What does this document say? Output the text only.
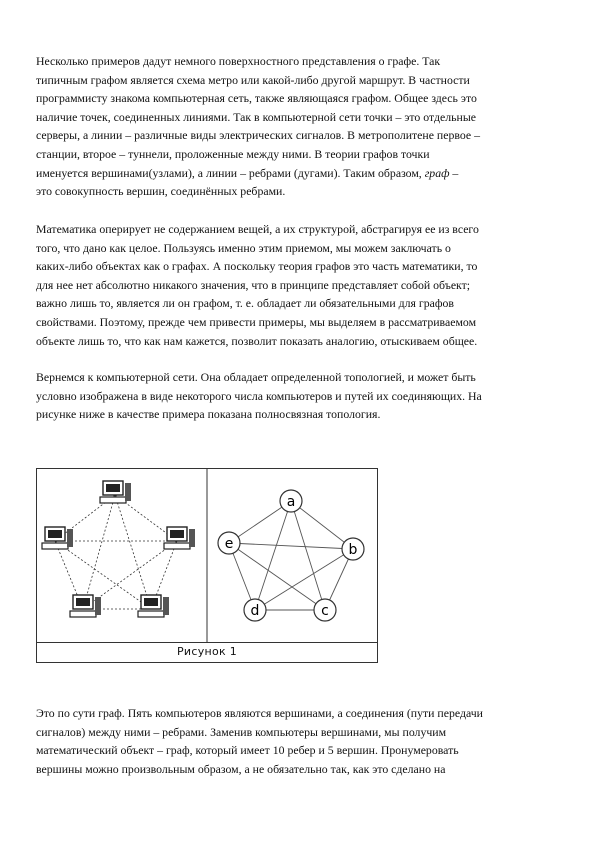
Несколько примеров дадут немного поверхностного представления о графе. Так
типичным графом является схема метро или какой-либо другой маршрут. В частности
программисту знакома компьютерная сеть, также являющаяся графом. Общее здесь это
наличие точек, соединенных линиями. Так в компьютерной сети точки – это отдельные
серверы, а линии – различные виды электрических сигналов. В метрополитене первое –
станции, второе – туннели, проложенные между ними. В теории графов точки
именуется вершинами(узлами), а линии – ребрами (дугами). Таким образом, граф –
это совокупность вершин, соединённых ребрами.
Математика оперирует не содержанием вещей, а их структурой, абстрагируя ее из всего
того, что дано как целое. Пользуясь именно этим приемом, мы можем заключать о
каких-либо объектах как о графах. А поскольку теория графов это часть математики, то
для нее нет абсолютно никакого значения, что в принципе представляет собой объект;
важно лишь то, является ли он графом, т. е. обладает ли обязательными для графов
свойствами. Поэтому, прежде чем привести примеры, мы выделяем в рассматриваемом
объекте лишь то, что как нам кажется, позволит показать аналогию, отыскиваем общее.
Вернемся к компьютерной сети. Она обладает определенной топологией, и может быть
условно изображена в виде некоторого числа компьютеров и путей их соединяющих. На
рисунке ниже в качестве примера показана полносвязная топология.
a
b
c
d
e
Рисунок 1
Это по сути граф. Пять компьютеров являются вершинами, а соединения (пути передачи
сигналов) между ними – ребрами. Заменив компьютеры вершинами, мы получим
математический объект – граф, который имеет 10 ребер и 5 вершин. Пронумеровать
вершины можно произвольным образом, а не обязательно так, как это сделано на
